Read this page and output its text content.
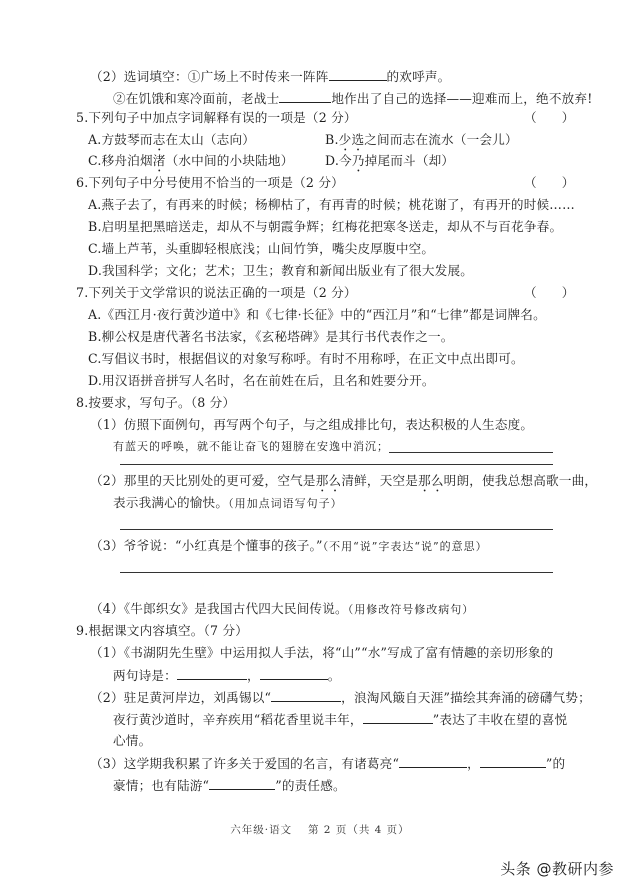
（2）选词填空：①广场上不时传来一阵阵	的欢呼声。
②在饥饿和寒冷面前，老战士	地作出了自己的选择——迎难而上，绝不放弃!
5.下列句子中加点字词解释有误的一项是（2 分）	（　　）
A.方鼓琴而志在太山（志向）	B.少选之间而志在流水（一会儿）
C.移舟泊烟渚（水中间的小块陆地）	D.今乃掉尾而斗（却）
6.下列句子中分号使用不恰当的一项是（2 分）	（　　）
A.燕子去了，有再来的时候；杨柳枯了，有再青的时候；桃花谢了，有再开的时候……
B.启明星把黑暗送走，却从不与朝霞争辉；红梅花把寒冬送走，却从不与百花争春。
C.墙上芦苇，头重脚轻根底浅；山间竹笋，嘴尖皮厚腹中空。
D.我国科学；文化；艺术；卫生；教育和新闻出版业有了很大发展。
7.下列关于文学常识的说法正确的一项是（2 分）	（　　）
A.《西江月·夜行黄沙道中》和《七律·长征》中的“西江月”和“七律”都是词牌名。
B.柳公权是唐代著名书法家，《玄秘塔碑》是其行书代表作之一。
C.写倡议书时，根据倡议的对象写称呼。有时不用称呼，在正文中点出即可。
D.用汉语拼音拼写人名时，名在前姓在后，且名和姓要分开。
8.按要求，写句子。（8 分）
（1）仿照下面例句，再写两个句子，与之组成排比句，表达积极的人生态度。
有蓝天的呼唤，就不能让奋飞的翅膀在安逸中消沉；
（2）那里的天比别处的更可爱，空气是那么清鲜，天空是那么明朗，使我总想高歌一曲，
表示我满心的愉快。（用加点词语写句子）
（3）爷爷说：“小红真是个懂事的孩子。”（不用“说”字表达“说”的意思）
（4）《牛郎织女》是我国古代四大民间传说。（用修改符号修改病句）
9.根据课文内容填空。（7 分）
（1）《书湖阴先生壁》中运用拟人手法，将“山”“水”写成了富有情趣的亲切形象的
两句诗是：	，	。
（2）驻足黄河岸边，刘禹锡以“	，浪淘风簸自天涯”描绘其奔涌的磅礴气势；
夜行黄沙道时，辛弃疾用“稻花香里说丰年，	”表达了丰收在望的喜悦
心情。
（3）这学期我积累了许多关于爱国的名言，有诸葛亮“	，	”的
豪情；也有陆游“	”的责任感。
六年级·语文　 第 2 页（共 4 页）
头条 @教研内参
